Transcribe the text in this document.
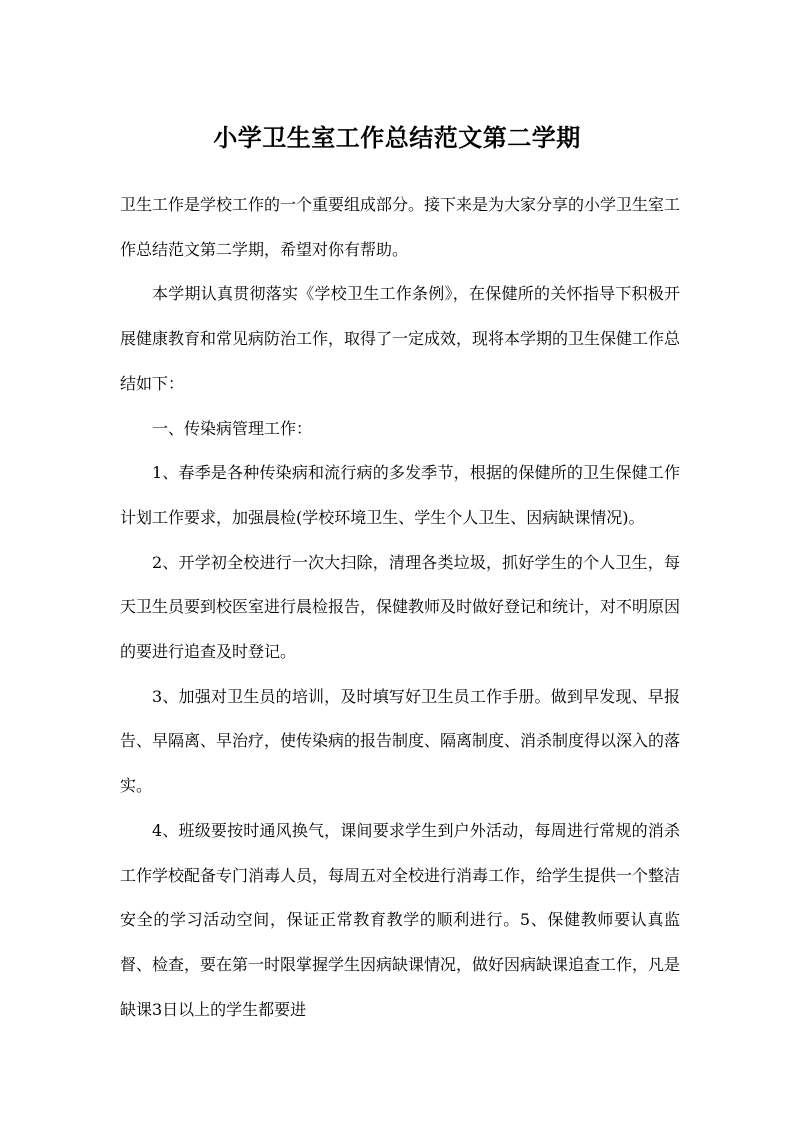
小学卫生室工作总结范文第二学期

卫生工作是学校工作的一个重要组成部分。接下来是为大家分享的小学卫生室工作总结范文第二学期，希望对你有帮助。

本学期认真贯彻落实《学校卫生工作条例》，在保健所的关怀指导下积极开展健康教育和常见病防治工作，取得了一定成效，现将本学期的卫生保健工作总结如下：

一、传染病管理工作：

1、春季是各种传染病和流行病的多发季节，根据的保健所的卫生保健工作计划工作要求，加强晨检(学校环境卫生、学生个人卫生、因病缺课情况)。

2、开学初全校进行一次大扫除，清理各类垃圾，抓好学生的个人卫生，每天卫生员要到校医室进行晨检报告，保健教师及时做好登记和统计，对不明原因的要进行追查及时登记。

3、加强对卫生员的培训，及时填写好卫生员工作手册。做到早发现、早报告、早隔离、早治疗，使传染病的报告制度、隔离制度、消杀制度得以深入的落实。

4、班级要按时通风换气，课间要求学生到户外活动，每周进行常规的消杀工作学校配备专门消毒人员，每周五对全校进行消毒工作，给学生提供一个整洁安全的学习活动空间，保证正常教育教学的顺利进行。5、保健教师要认真监督、检查，要在第一时限掌握学生因病缺课情况，做好因病缺课追查工作，凡是缺课3日以上的学生都要进
